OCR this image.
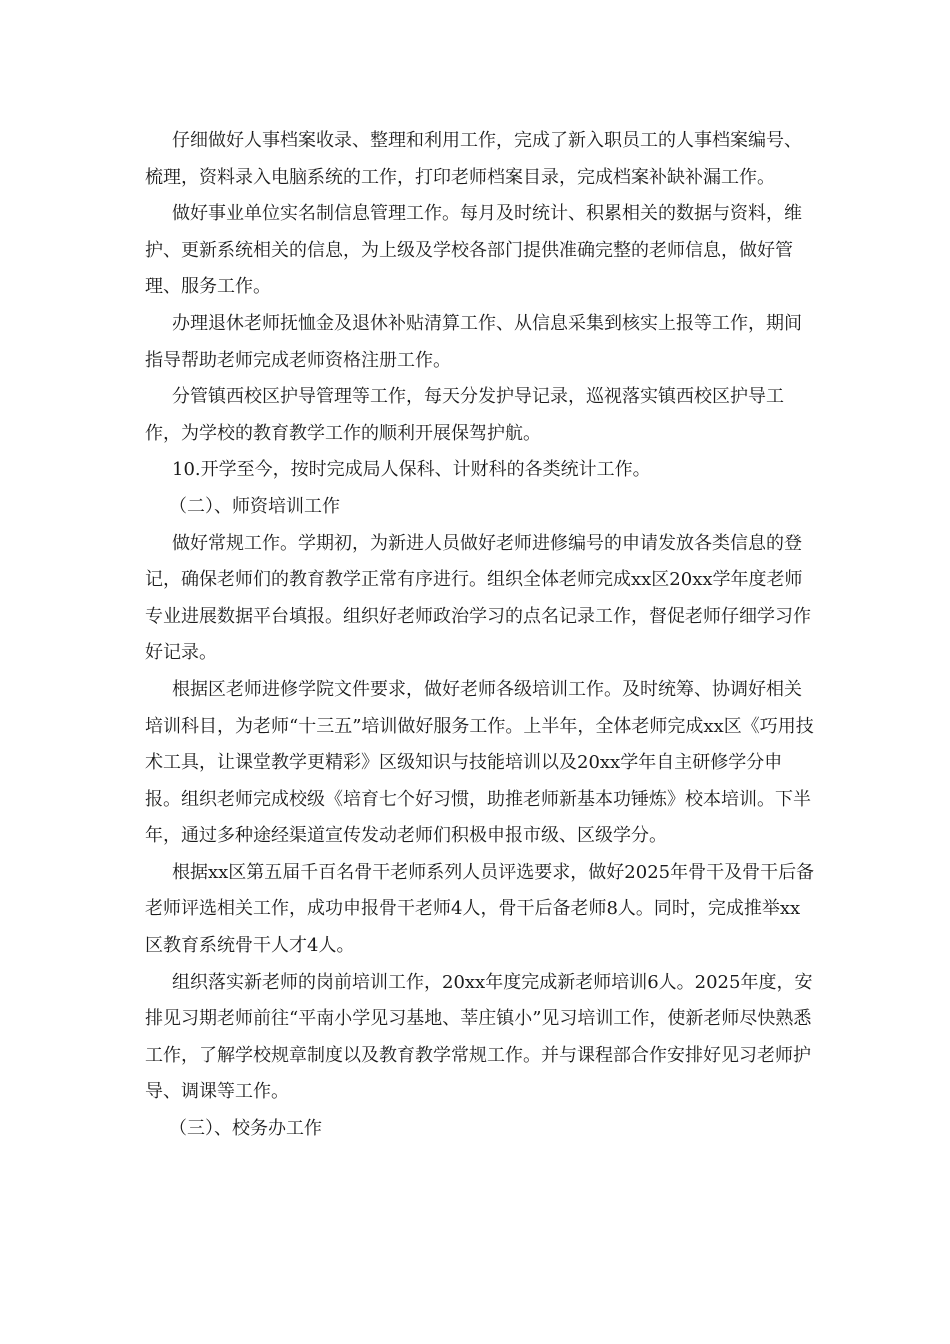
仔细做好人事档案收录、整理和利用工作，完成了新入职员工的人事档案编号、梳理，资料录入电脑系统的工作，打印老师档案目录，完成档案补缺补漏工作。

做好事业单位实名制信息管理工作。每月及时统计、积累相关的数据与资料，维护、更新系统相关的信息，为上级及学校各部门提供准确完整的老师信息，做好管理、服务工作。

办理退休老师抚恤金及退休补贴清算工作、从信息采集到核实上报等工作，期间指导帮助老师完成老师资格注册工作。

分管镇西校区护导管理等工作，每天分发护导记录，巡视落实镇西校区护导工作，为学校的教育教学工作的顺利开展保驾护航。

10.开学至今，按时完成局人保科、计财科的各类统计工作。

（二）、师资培训工作

做好常规工作。学期初，为新进人员做好老师进修编号的申请发放各类信息的登记，确保老师们的教育教学正常有序进行。组织全体老师完成xx区20xx学年度老师专业进展数据平台填报。组织好老师政治学习的点名记录工作，督促老师仔细学习作好记录。

根据区老师进修学院文件要求，做好老师各级培训工作。及时统筹、协调好相关培训科目，为老师“十三五”培训做好服务工作。上半年，全体老师完成xx区《巧用技术工具，让课堂教学更精彩》区级知识与技能培训以及20xx学年自主研修学分申报。组织老师完成校级《培育七个好习惯，助推老师新基本功锤炼》校本培训。下半年，通过多种途经渠道宣传发动老师们积极申报市级、区级学分。

根据xx区第五届千百名骨干老师系列人员评选要求，做好2025年骨干及骨干后备老师评选相关工作，成功申报骨干老师4人，骨干后备老师8人。同时，完成推举xx区教育系统骨干人才4人。

组织落实新老师的岗前培训工作，20xx年度完成新老师培训6人。2025年度，安排见习期老师前往“平南小学见习基地、莘庄镇小”见习培训工作，使新老师尽快熟悉工作，了解学校规章制度以及教育教学常规工作。并与课程部合作安排好见习老师护导、调课等工作。

（三）、校务办工作
